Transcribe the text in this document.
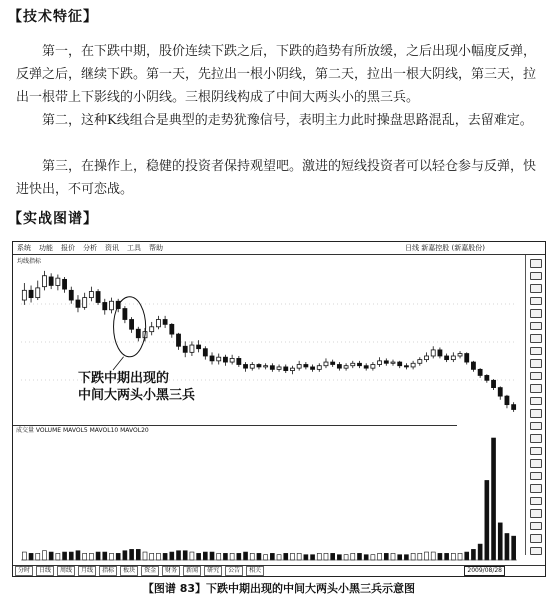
【技术特征】

第一，在下跌中期，股价连续下跌之后，下跌的趋势有所放缓，之后出现小幅度反弹，反弹之后，继续下跌。第一天，先拉出一根小阴线，第二天，拉出一根大阴线，第三天，拉出一根带上下影线的小阴线。三根阴线构成了中间大两头小的黑三兵。

第二，这种K线组合是典型的走势犹豫信号，表明主力此时操盘思路混乱，去留难定。

第三，在操作上，稳健的投资者保持观望吧。激进的短线投资者可以轻仓参与反弹，快进快出，不可恋战。

【实战图谱】
系统 功能 报价 分析 资讯 工具 帮助	日线 新嘉控股 (新嘉股份)
均线指标
成交量 VOLUME MAVOL5 MAVOL10 MAVOL20
分时	日线	周线	月线	指标	板块	资金	财务	新闻	研究	公告	相关	2009/08/28
下跌中期出现的
中间大两头小黑三兵
【图谱 83】下跌中期出现的中间大两头小黑三兵示意图
